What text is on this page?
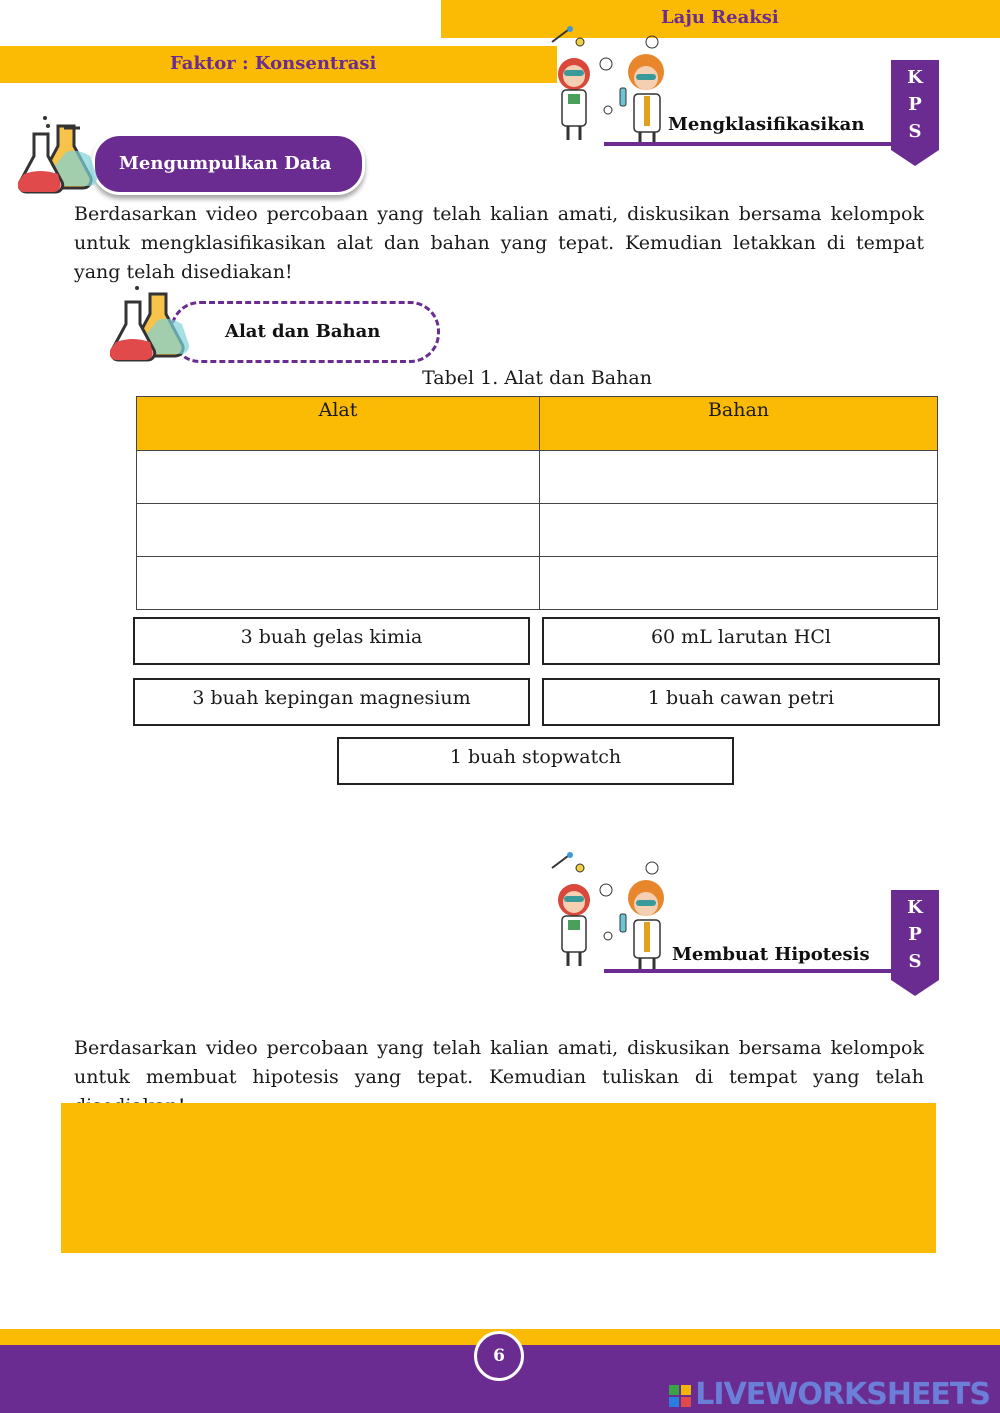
Laju Reaksi
Faktor : Konsentrasi
Mengklasifikasikan
K
P
S
Mengumpulkan Data
Berdasarkan video percobaan yang telah kalian amati, diskusikan bersama kelompok untuk mengklasifikasikan alat dan bahan yang tepat. Kemudian letakkan di tempat yang telah disediakan!
Alat dan Bahan
Tabel 1. Alat dan Bahan
Alat	Bahan

3 buah gelas kimia	60 mL larutan HCl
3 buah kepingan magnesium	1 buah cawan petri
1 buah stopwatch
Membuat Hipotesis
K
P
S
Berdasarkan video percobaan yang telah kalian amati, diskusikan bersama kelompok untuk membuat hipotesis yang tepat. Kemudian tuliskan di tempat yang telah
6
LIVEWORKSHEETS
